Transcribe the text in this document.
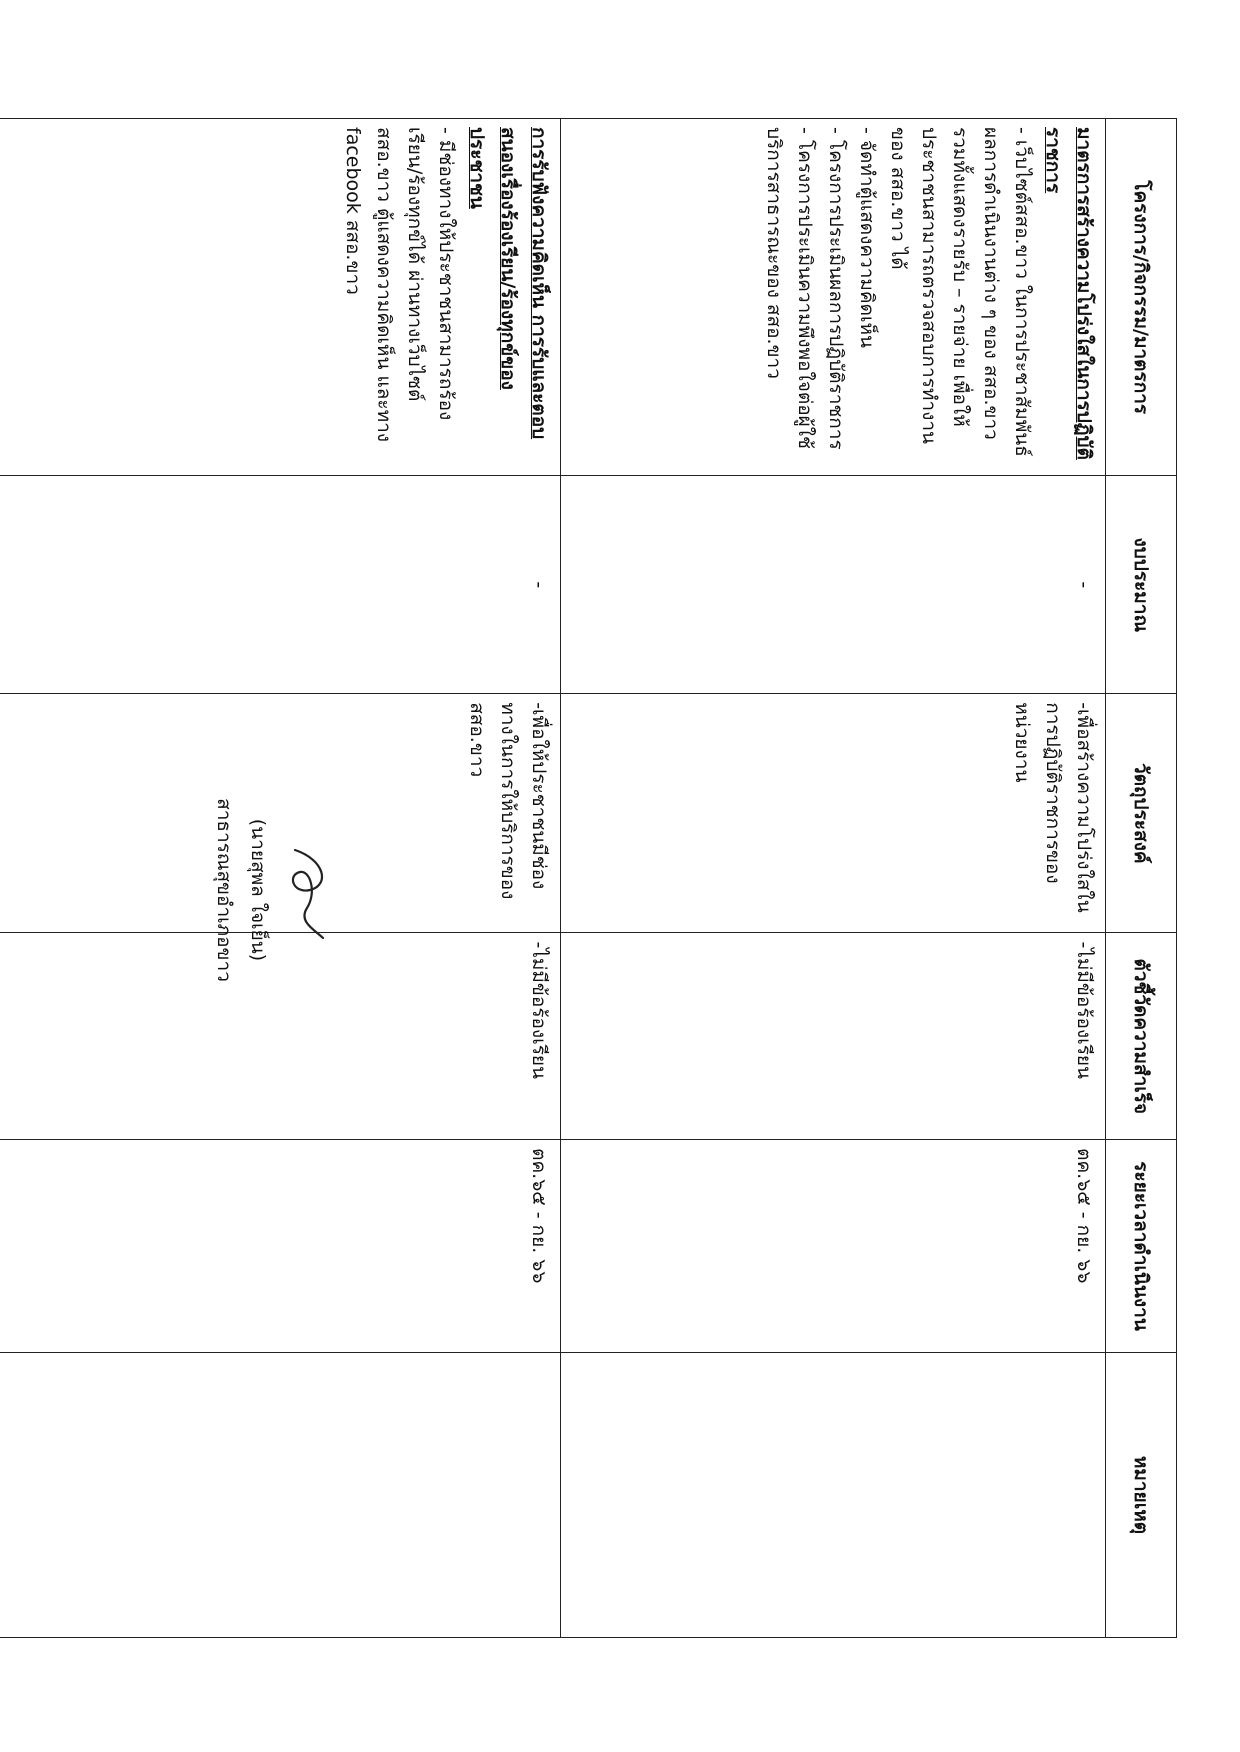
โครงการ/กิจกรรม/มาตรการ	งบประมาณ	วัตถุประสงค์	ตัวชี้วัดความสำเร็จ	ระยะเวลาดำเนินงาน	หมายเหตุ

มาตรการสร้างความโปร่งใสในการปฏิบัติราชการ
- เว็บไซต์สสอ.ขาว ในการประชาสัมพันธ์ผลการดำเนินงานต่าง ๆ ของ สสอ.ขาว รวมทั้งแสดงรายรับ – รายจ่าย เพื่อให้ประชาชนสามารถตรวจสอบการทำงานของ สสอ.ขาว ได้
- จัดทำตู้แสดงความคิดเห็น
- โครงการประเมินผลการปฏิบัติราชการ
- โครงการประเมินความพึงพอใจต่อผู้ใช้บริการสาธารณะของ สสอ.ขาว	-	-เพื่อสร้างความโปร่งใสในการปฏิบัติราชการของหน่วยงาน	-ไม่มีข้อร้องเรียน	ตค.๖๕ - กย. ๖๖	

การรับฟังความคิดเห็น การรับและตอบสนองเรื่องร้องเรียน/ร้องทุกข์ของประชาชน
- มีช่องทางให้ประชาชนสามารถร้องเรียน/ร้องทุกข์ได้ ผ่านทางเว็บไซต์ สสอ.ขาว ตู้แสดงความคิดเห็น และทาง facebook สสอ.ขาว	-	-เพื่อให้ประชาชนมีช่องทางในการให้บริการของ สสอ.ขาว	-ไม่มีข้อร้องเรียน	ตค.๖๕ - กย. ๖๖	
(นายสุพล ใจเย็น)
สาธารณสุขอำเภอขาว
